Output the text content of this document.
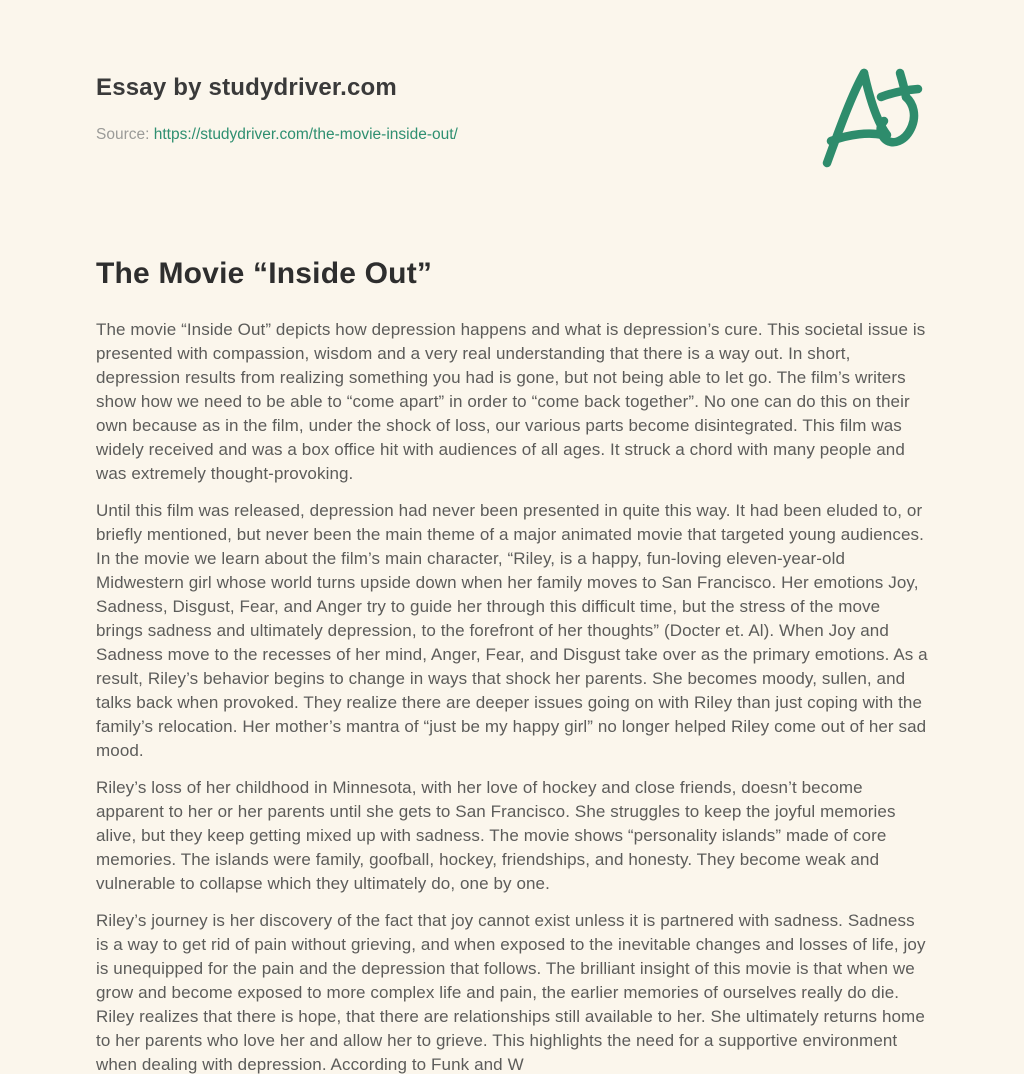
Essay by studydriver.com
Source: https://studydriver.com/the-movie-inside-out/
The Movie “Inside Out”

The movie “Inside Out” depicts how depression happens and what is depression’s cure. This societal issue is presented with compassion, wisdom and a very real understanding that there is a way out. In short, depression results from realizing something you had is gone, but not being able to let go. The film’s writers show how we need to be able to “come apart” in order to “come back together”. No one can do this on their own because as in the film, under the shock of loss, our various parts become disintegrated. This film was widely received and was a box office hit with audiences of all ages. It struck a chord with many people and was extremely thought-provoking.

Until this film was released, depression had never been presented in quite this way. It had been eluded to, or briefly mentioned, but never been the main theme of a major animated movie that targeted young audiences. In the movie we learn about the film’s main character, “Riley, is a happy, fun-loving eleven-year-old Midwestern girl whose world turns upside down when her family moves to San Francisco. Her emotions Joy, Sadness, Disgust, Fear, and Anger try to guide her through this difficult time, but the stress of the move brings sadness and ultimately depression, to the forefront of her thoughts” (Docter et. Al). When Joy and Sadness move to the recesses of her mind, Anger, Fear, and Disgust take over as the primary emotions. As a result, Riley’s behavior begins to change in ways that shock her parents. She becomes moody, sullen, and talks back when provoked. They realize there are deeper issues going on with Riley than just coping with the family’s relocation. Her mother’s mantra of “just be my happy girl” no longer helped Riley come out of her sad mood.

Riley’s loss of her childhood in Minnesota, with her love of hockey and close friends, doesn’t become apparent to her or her parents until she gets to San Francisco. She struggles to keep the joyful memories alive, but they keep getting mixed up with sadness. The movie shows “personality islands” made of core memories. The islands were family, goofball, hockey, friendships, and honesty. They become weak and vulnerable to collapse which they ultimately do, one by one.

Riley’s journey is her discovery of the fact that joy cannot exist unless it is partnered with sadness. Sadness is a way to get rid of pain without grieving, and when exposed to the inevitable changes and losses of life, joy is unequipped for the pain and the depression that follows. The brilliant insight of this movie is that when we grow and become exposed to more complex life and pain, the earlier memories of ourselves really do die. Riley realizes that there is hope, that there are relationships still available to her. She ultimately returns home to her parents who love her and allow her to grieve. This highlights the need for a supportive environment when dealing with depression. According to Funk and W
